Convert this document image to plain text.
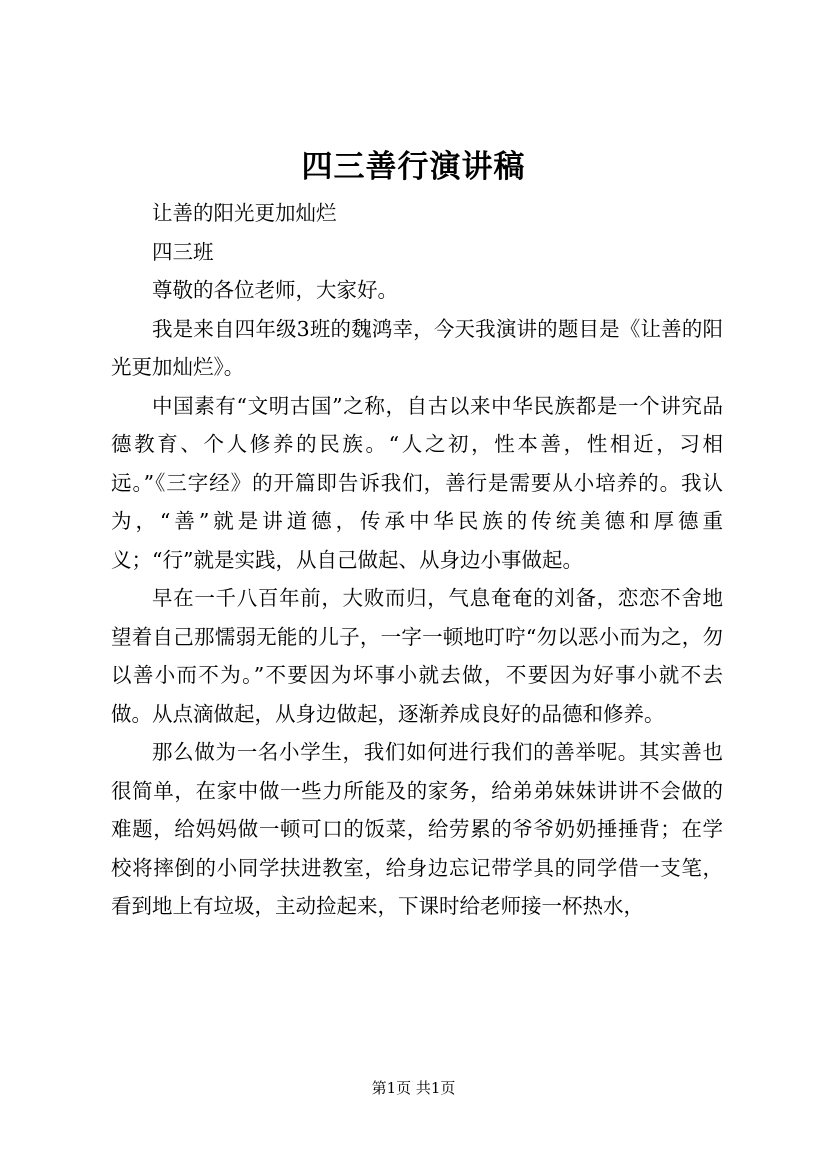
四三善行演讲稿

让善的阳光更加灿烂

四三班

尊敬的各位老师，大家好。

我是来自四年级3班的魏鸿幸，今天我演讲的题目是《让善的阳光更加灿烂》。

中国素有“文明古国”之称，自古以来中华民族都是一个讲究品德教育、个人修养的民族。“人之初，性本善，性相近，习相远。”《三字经》的开篇即告诉我们，善行是需要从小培养的。我认为，“善”就是讲道德，传承中华民族的传统美德和厚德重义；“行”就是实践，从自己做起、从身边小事做起。

早在一千八百年前，大败而归，气息奄奄的刘备，恋恋不舍地望着自己那懦弱无能的儿子，一字一顿地叮咛“勿以恶小而为之，勿以善小而不为。”不要因为坏事小就去做，不要因为好事小就不去做。从点滴做起，从身边做起，逐渐养成良好的品德和修养。

那么做为一名小学生，我们如何进行我们的善举呢。其实善也很简单，在家中做一些力所能及的家务，给弟弟妹妹讲讲不会做的难题，给妈妈做一顿可口的饭菜，给劳累的爷爷奶奶捶捶背；在学校将摔倒的小同学扶进教室，给身边忘记带学具的同学借一支笔，看到地上有垃圾，主动捡起来，下课时给老师接一杯热水，

第1页 共1页
